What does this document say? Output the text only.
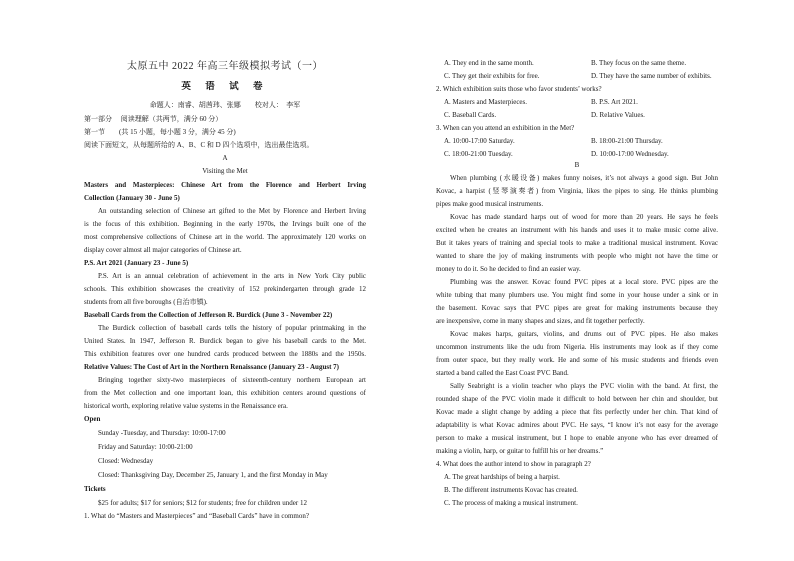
太原五中 2022 年高三年级模拟考试（一）

英 语 试 卷

命题人：南睿、胡茜玮、张娜　　校对人：　李军

第一部分　 阅读理解（共两节，满分 60 分）

第一节　　(共 15 小题，每小题 3 分，满分 45 分)

阅读下面短文，从每题所给的 A、B、C 和 D 四个选项中，选出最佳选项。

A

Visiting the Met

Masters and Masterpieces: Chinese Art from the Florence and Herbert Irving

Collection (January 30 - June 5)

An outstanding selection of Chinese art gifted to the Met by Florence and Herbert Irving

is the focus of this exhibition. Beginning in the early 1970s, the Irvings built one of the

most comprehensive collections of Chinese art in the world. The approximately 120 works on

display cover almost all major categories of Chinese art.

P.S. Art 2021 (January 23 - June 5)

P.S. Art is an annual celebration of achievement in the arts in New York City public

schools. This exhibition showcases the creativity of 152 prekindergarten through grade 12

students from all five boroughs (自治市镇).

Baseball Cards from the Collection of Jefferson R. Burdick (June 3 - November 22)

The Burdick collection of baseball cards tells the history of popular printmaking in the

United States. In 1947, Jefferson R. Burdick began to give his baseball cards to the Met.

This exhibition features over one hundred cards produced between the 1880s and the 1950s.

Relative Values: The Cost of Art in the Northern Renaissance (January 23 - August 7)

Bringing together sixty-two masterpieces of sixteenth-century northern European art

from the Met collection and one important loan, this exhibition centers around questions of

historical worth, exploring relative value systems in the Renaissance era.

Open

Sunday -Tuesday, and Thursday: 10:00-17:00

Friday and Saturday: 10:00-21:00

Closed: Wednesday

Closed: Thanksgiving Day, December 25, January 1, and the first Monday in May

Tickets

$25 for adults; $17 for seniors; $12 for students; free for children under 12

1. What do “Masters and Masterpieces” and “Baseball Cards” have in common?

A. They end in the same month.	B. They focus on the same theme.
C. They get their exhibits for free.	D. They have the same number of exhibits.

2. Which exhibition suits those who favor students’ works?

A. Masters and Masterpieces.	B. P.S. Art 2021.
C. Baseball Cards.	D. Relative Values.

3. When can you attend an exhibition in the Met?

A. 10:00-17:00 Saturday.	B. 18:00-21:00 Thursday.
C. 18:00-21:00 Tuesday.	D. 10:00-17:00 Wednesday.

B

When plumbing (水暖设备) makes funny noises, it’s not always a good sign. But John

Kovac, a harpist (竖琴演奏者) from Virginia, likes the pipes to sing. He thinks plumbing

pipes make good musical instruments.

Kovac has made standard harps out of wood for more than 20 years. He says he feels

excited when he creates an instrument with his hands and uses it to make music come alive.

But it takes years of training and special tools to make a traditional musical instrument. Kovac

wanted to share the joy of making instruments with people who might not have the time or

money to do it. So he decided to find an easier way.

Plumbing was the answer. Kovac found PVC pipes at a local store. PVC pipes are the

white tubing that many plumbers use. You might find some in your house under a sink or in

the basement. Kovac says that PVC pipes are great for making instruments because they

are inexpensive, come in many shapes and sizes, and fit together perfectly.

Kovac makes harps, guitars, violins, and drums out of PVC pipes. He also makes

uncommon instruments like the udu from Nigeria. His instruments may look as if they come

from outer space, but they really work. He and some of his music students and friends even

started a band called the East Coast PVC Band.

Sally Seabright is a violin teacher who plays the PVC violin with the band. At first, the

rounded shape of the PVC violin made it difficult to hold between her chin and shoulder, but

Kovac made a slight change by adding a piece that fits perfectly under her chin. That kind of

adaptability is what Kovac admires about PVC. He says, “I know it’s not easy for the average

person to make a musical instrument, but I hope to enable anyone who has ever dreamed of

making a violin, harp, or guitar to fulfill his or her dreams.”

4. What does the author intend to show in paragraph 2?

A. The great hardships of being a harpist.

B. The different instruments Kovac has created.

C. The process of making a musical instrument.
